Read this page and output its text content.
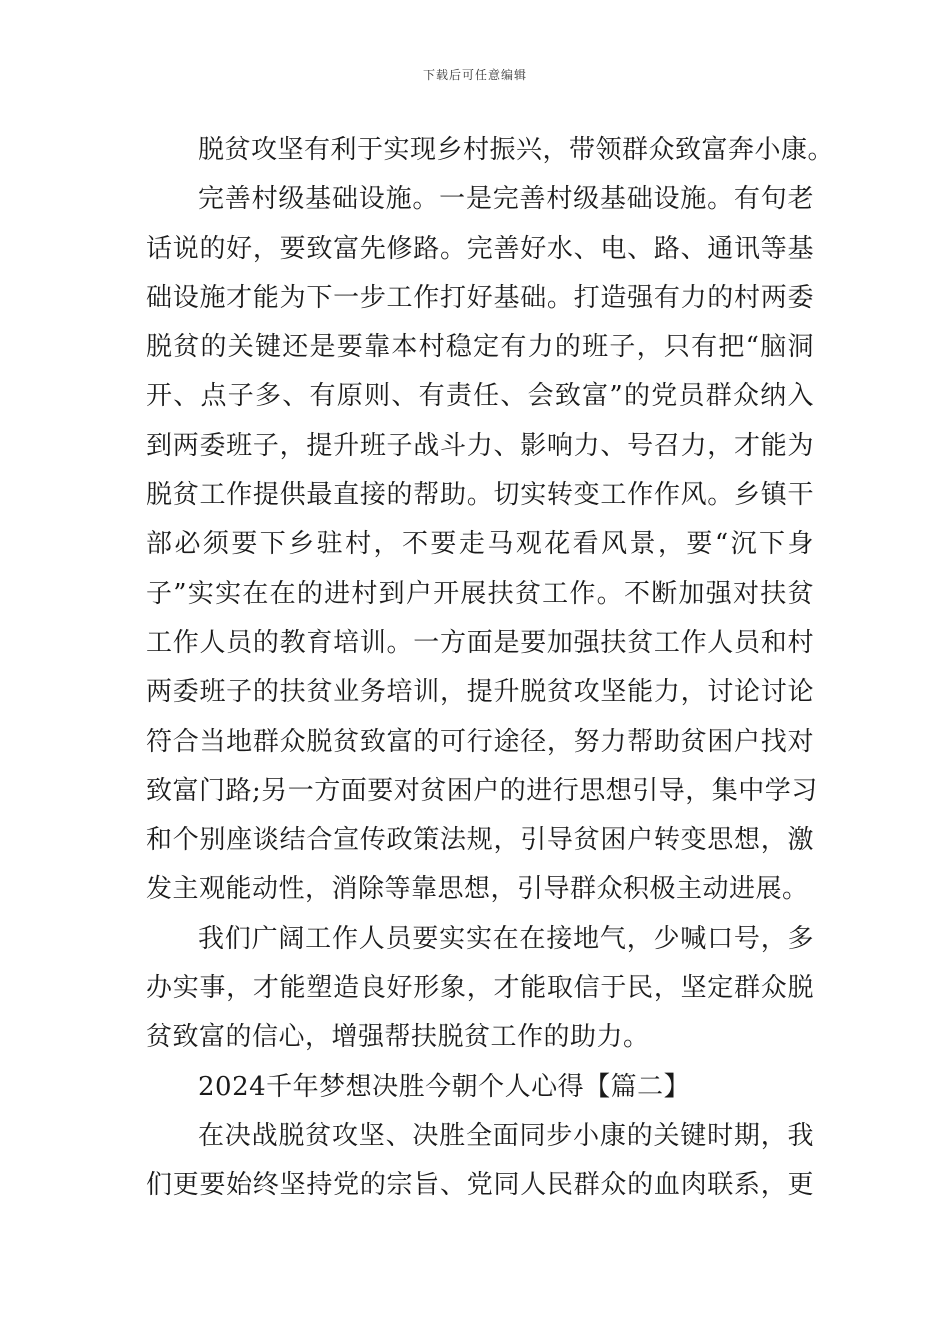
下载后可任意编辑
脱贫攻坚有利于实现乡村振兴，带领群众致富奔小康。
完善村级基础设施。一是完善村级基础设施。有句老
话说的好，要致富先修路。完善好水、电、路、通讯等基
础设施才能为下一步工作打好基础。打造强有力的村两委
脱贫的关键还是要靠本村稳定有力的班子，只有把“脑洞
开、点子多、有原则、有责任、会致富”的党员群众纳入
到两委班子，提升班子战斗力、影响力、号召力，才能为
脱贫工作提供最直接的帮助。切实转变工作作风。乡镇干
部必须要下乡驻村，不要走马观花看风景，要“沉下身
子”实实在在的进村到户开展扶贫工作。不断加强对扶贫
工作人员的教育培训。一方面是要加强扶贫工作人员和村
两委班子的扶贫业务培训，提升脱贫攻坚能力，讨论讨论
符合当地群众脱贫致富的可行途径，努力帮助贫困户找对
致富门路;另一方面要对贫困户的进行思想引导，集中学习
和个别座谈结合宣传政策法规，引导贫困户转变思想，激
发主观能动性，消除等靠思想，引导群众积极主动进展。
我们广阔工作人员要实实在在接地气，少喊口号，多
办实事，才能塑造良好形象，才能取信于民，坚定群众脱
贫致富的信心，增强帮扶脱贫工作的助力。
2024千年梦想决胜今朝个人心得【篇二】
在决战脱贫攻坚、决胜全面同步小康的关键时期，我
们更要始终坚持党的宗旨、党同人民群众的血肉联系，更
